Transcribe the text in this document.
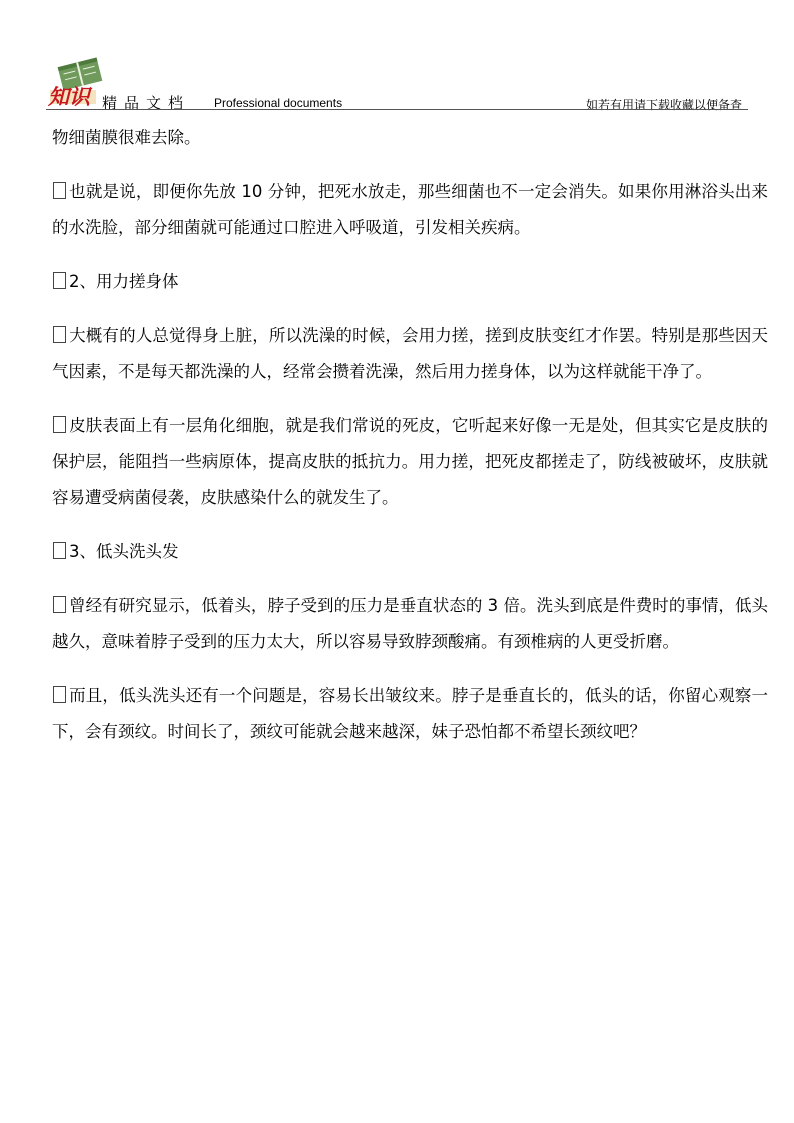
知识 精品文档 Professional documents	如若有用请下载收藏以便备查

物细菌膜很难去除。

也就是说，即便你先放 10 分钟，把死水放走，那些细菌也不一定会消失。如果你用淋浴头出来的水洗脸，部分细菌就可能通过口腔进入呼吸道，引发相关疾病。

2、用力搓身体

大概有的人总觉得身上脏，所以洗澡的时候，会用力搓，搓到皮肤变红才作罢。特别是那些因天气因素，不是每天都洗澡的人，经常会攒着洗澡，然后用力搓身体，以为这样就能干净了。

皮肤表面上有一层角化细胞，就是我们常说的死皮，它听起来好像一无是处，但其实它是皮肤的保护层，能阻挡一些病原体，提高皮肤的抵抗力。用力搓，把死皮都搓走了，防线被破坏，皮肤就容易遭受病菌侵袭，皮肤感染什么的就发生了。

3、低头洗头发

曾经有研究显示，低着头，脖子受到的压力是垂直状态的 3 倍。洗头到底是件费时的事情，低头越久，意味着脖子受到的压力太大，所以容易导致脖颈酸痛。有颈椎病的人更受折磨。

而且，低头洗头还有一个问题是，容易长出皱纹来。脖子是垂直长的，低头的话，你留心观察一下，会有颈纹。时间长了，颈纹可能就会越来越深，妹子恐怕都不希望长颈纹吧？
